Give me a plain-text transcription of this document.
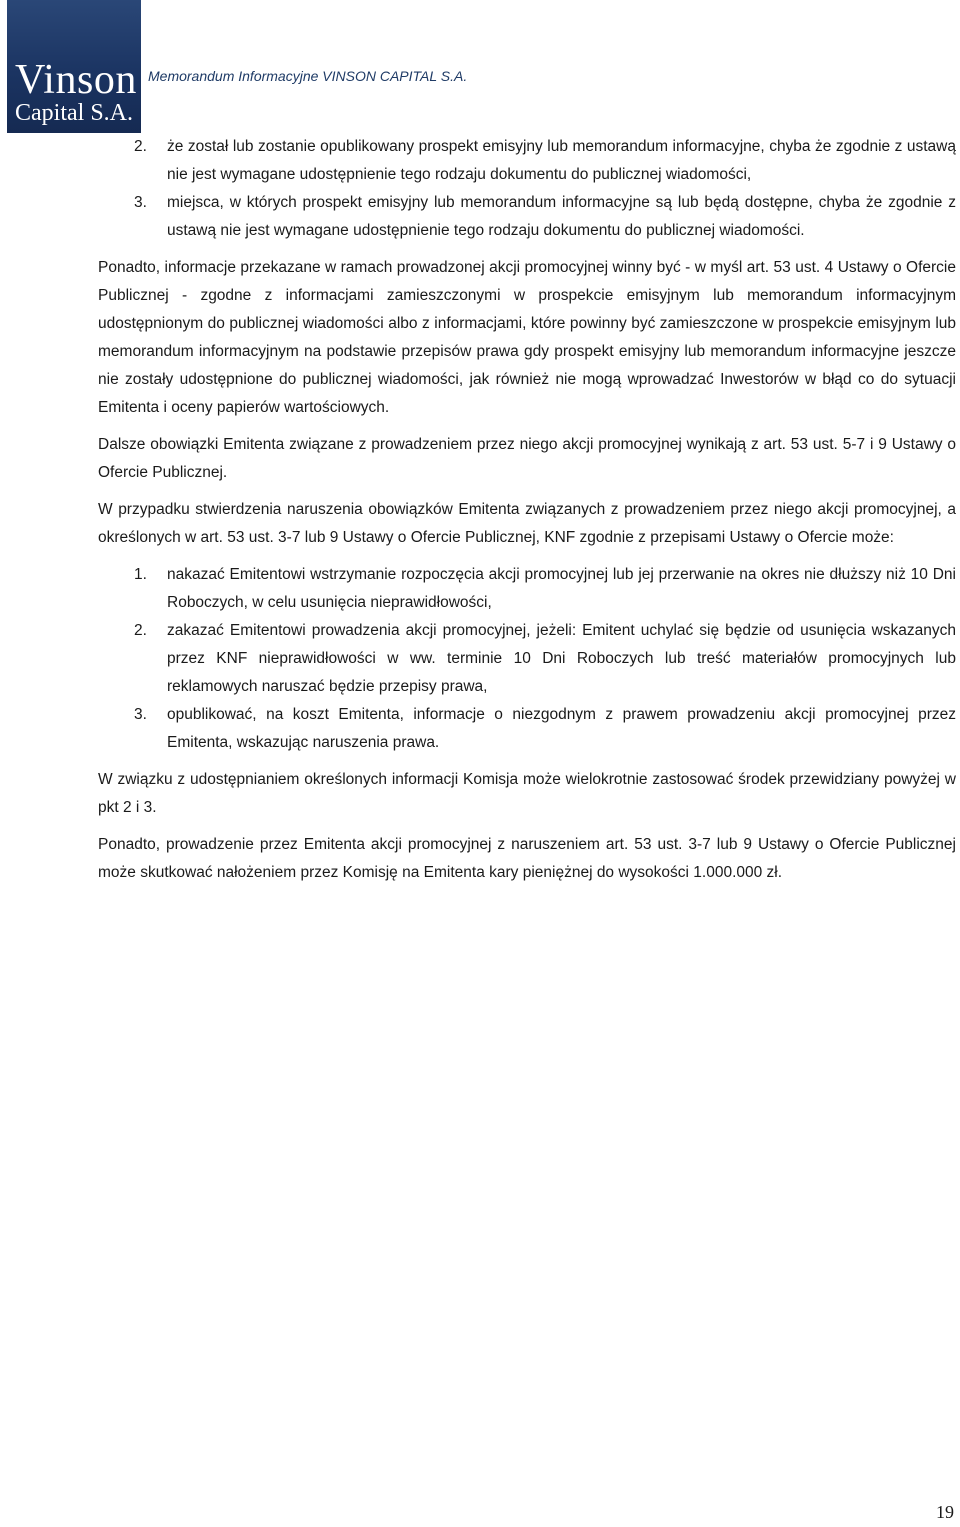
Vinson
Capital S.A.
Memorandum Informacyjne VINSON CAPITAL S.A.
2. że został lub zostanie opublikowany prospekt emisyjny lub memorandum informacyjne, chyba że zgodnie z ustawą nie jest wymagane udostępnienie tego rodzaju dokumentu do publicznej wiadomości,
3. miejsca, w których prospekt emisyjny lub memorandum informacyjne są lub będą dostępne, chyba że zgodnie z ustawą nie jest wymagane udostępnienie tego rodzaju dokumentu do publicznej wiadomości.

Ponadto, informacje przekazane w ramach prowadzonej akcji promocyjnej winny być - w myśl art. 53 ust. 4 Ustawy o Ofercie Publicznej - zgodne z informacjami zamieszczonymi w prospekcie emisyjnym lub memorandum informacyjnym udostępnionym do publicznej wiadomości albo z informacjami, które powinny być zamieszczone w prospekcie emisyjnym lub memorandum informacyjnym na podstawie przepisów prawa gdy prospekt emisyjny lub memorandum informacyjne jeszcze nie zostały udostępnione do publicznej wiadomości, jak również nie mogą wprowadzać Inwestorów w błąd co do sytuacji Emitenta i oceny papierów wartościowych.

Dalsze obowiązki Emitenta związane z prowadzeniem przez niego akcji promocyjnej wynikają z art. 53 ust. 5-7 i 9 Ustawy o Ofercie Publicznej.

W przypadku stwierdzenia naruszenia obowiązków Emitenta związanych z prowadzeniem przez niego akcji promocyjnej, a określonych w art. 53 ust. 3-7 lub 9 Ustawy o Ofercie Publicznej, KNF zgodnie z przepisami Ustawy o Ofercie może:

1. nakazać Emitentowi wstrzymanie rozpoczęcia akcji promocyjnej lub jej przerwanie na okres nie dłuższy niż 10 Dni Roboczych, w celu usunięcia nieprawidłowości,
2. zakazać Emitentowi prowadzenia akcji promocyjnej, jeżeli: Emitent uchylać się będzie od usunięcia wskazanych przez KNF nieprawidłowości w ww. terminie 10 Dni Roboczych lub treść materiałów promocyjnych lub reklamowych naruszać będzie przepisy prawa,
3. opublikować, na koszt Emitenta, informacje o niezgodnym z prawem prowadzeniu akcji promocyjnej przez Emitenta, wskazując naruszenia prawa.

W związku z udostępnianiem określonych informacji Komisja może wielokrotnie zastosować środek przewidziany powyżej w pkt 2 i 3.

Ponadto, prowadzenie przez Emitenta akcji promocyjnej z naruszeniem art. 53 ust. 3-7 lub 9 Ustawy o Ofercie Publicznej może skutkować nałożeniem przez Komisję na Emitenta kary pieniężnej do wysokości 1.000.000 zł.

19
